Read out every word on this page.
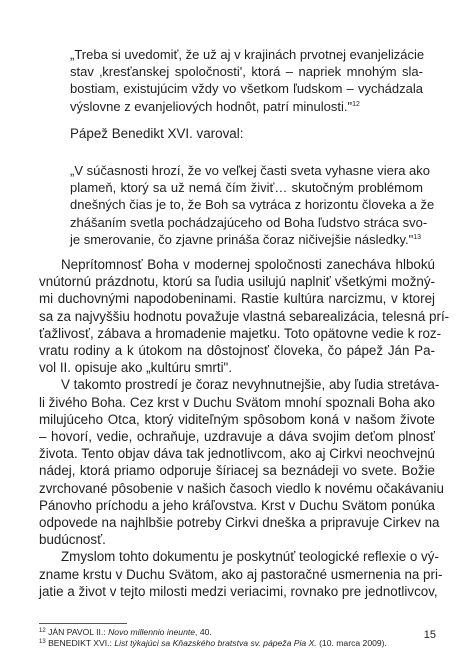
„Treba si uvedomiť, že už aj v krajinách prvotnej evanjelizácie
stav ‚kresťanskej spoločnosti', ktorá – napriek mnohým sla-
bostiam, existujúcim vždy vo všetkom ľudskom – vychádzala
výslovne z evanjeliových hodnôt, patrí minulosti."$^{12}$
Pápež Benedikt XVI. varoval:
„V súčasnosti hrozí, že vo veľkej časti sveta vyhasne viera ako
plameň, ktorý sa už nemá čím živiť… skutočným problémom
dnešných čias je to, že Boh sa vytráca z horizontu človeka a že
zhášaním svetla pochádzajúceho od Boha ľudstvo stráca svo-
je smerovanie, čo zjavne prináša čoraz ničivejšie následky."$^{13}$
Neprítomnosť Boha v modernej spoločnosti zanecháva hlbokú
vnútornú prázdnotu, ktorú sa ľudia usilujú naplniť všetkými možný-
mi duchovnými napodobeninami. Rastie kultúra narcizmu, v ktorej
sa za najvyššiu hodnotu považuje vlastná sebarealizácia, telesná prí-
ťažlivosť, zábava a hromadenie majetku. Toto opätovne vedie k roz-
vratu rodiny a k útokom na dôstojnosť človeka, čo pápež Ján Pa-
vol II. opisuje ako „kultúru smrti".
V takomto prostredí je čoraz nevyhnutnejšie, aby ľudia stretáva-
li živého Boha. Cez krst v Duchu Svätom mnohí spoznali Boha ako
milujúceho Otca, ktorý viditeľným spôsobom koná v našom živote
– hovorí, vedie, ochraňuje, uzdravuje a dáva svojim deťom plnosť
života. Tento objav dáva tak jednotlivcom, ako aj Cirkvi neochvejnú
nádej, ktorá priamo odporuje šíriacej sa beznádeji vo svete. Božie
zvrchované pôsobenie v našich časoch viedlo k novému očakávaniu
Pánovho príchodu a jeho kráľovstva. Krst v Duchu Svätom ponúka
odpovede na najhlbšie potreby Cirkvi dneška a pripravuje Cirkev na
budúcnosť.
Zmyslom tohto dokumentu je poskytnúť teologické reflexie o vý-
zname krstu v Duchu Svätom, ako aj pastoračné usmernenia na pri-
jatie a život v tejto milosti medzi veriacimi, rovnako pre jednotlivcov,
$^{12}$ JÁN PAVOL II.: Novo millennio ineunte, 40.
$^{13}$ BENEDIKT XVI.: List týkajúci sa Kňazského bratstva sv. pápeža Pia X. (10. marca 2009).
15
